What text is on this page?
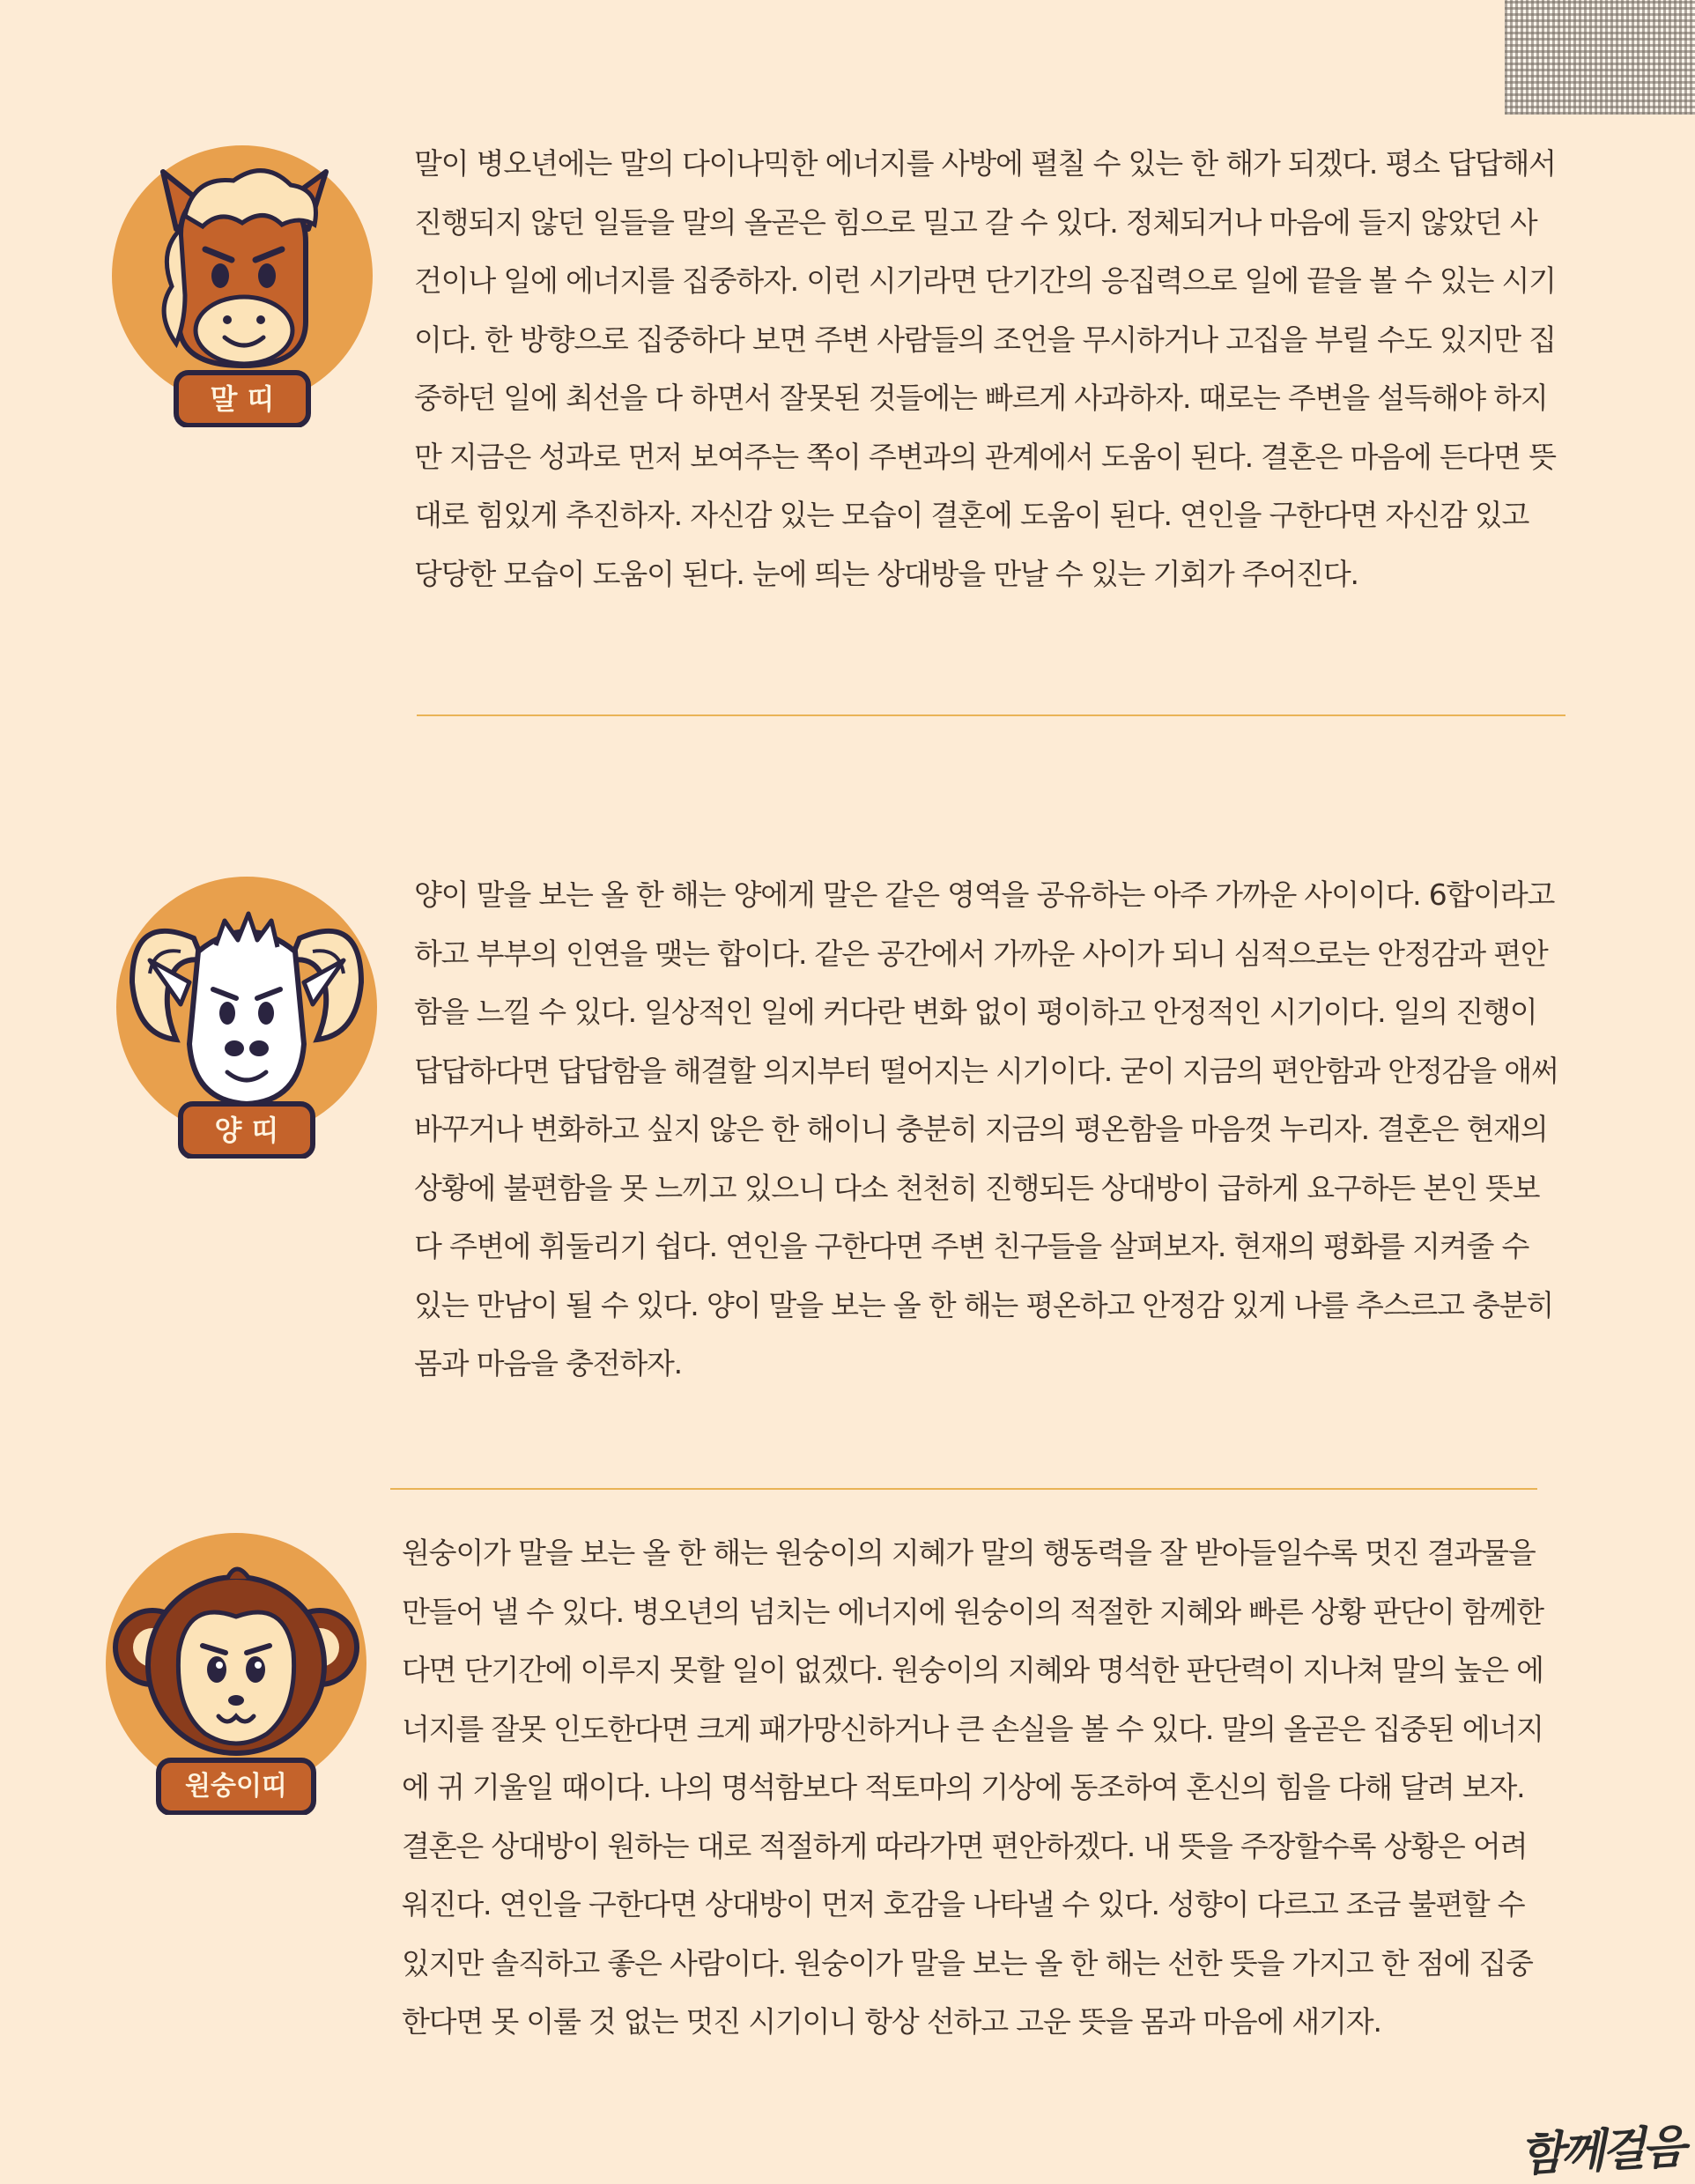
말 띠

말이 병오년에는 말의 다이나믹한 에너지를 사방에 펼칠 수 있는 한 해가 되겠다. 평소 답답해서 진행되지 않던 일들을 말의 올곧은 힘으로 밀고 갈 수 있다. 정체되거나 마음에 들지 않았던 사건이나 일에 에너지를 집중하자. 이런 시기라면 단기간의 응집력으로 일에 끝을 볼 수 있는 시기이다. 한 방향으로 집중하다 보면 주변 사람들의 조언을 무시하거나 고집을 부릴 수도 있지만 집중하던 일에 최선을 다 하면서 잘못된 것들에는 빠르게 사과하자. 때로는 주변을 설득해야 하지만 지금은 성과로 먼저 보여주는 쪽이 주변과의 관계에서 도움이 된다. 결혼은 마음에 든다면 뜻대로 힘있게 추진하자. 자신감 있는 모습이 결혼에 도움이 된다. 연인을 구한다면 자신감 있고 당당한 모습이 도움이 된다. 눈에 띄는 상대방을 만날 수 있는 기회가 주어진다.

양 띠

양이 말을 보는 올 한 해는 양에게 말은 같은 영역을 공유하는 아주 가까운 사이이다. 6합이라고 하고 부부의 인연을 맺는 합이다. 같은 공간에서 가까운 사이가 되니 심적으로는 안정감과 편안함을 느낄 수 있다. 일상적인 일에 커다란 변화 없이 평이하고 안정적인 시기이다. 일의 진행이 답답하다면 답답함을 해결할 의지부터 떨어지는 시기이다. 굳이 지금의 편안함과 안정감을 애써 바꾸거나 변화하고 싶지 않은 한 해이니 충분히 지금의 평온함을 마음껏 누리자. 결혼은 현재의 상황에 불편함을 못 느끼고 있으니 다소 천천히 진행되든 상대방이 급하게 요구하든 본인 뜻보다 주변에 휘둘리기 쉽다. 연인을 구한다면 주변 친구들을 살펴보자. 현재의 평화를 지켜줄 수 있는 만남이 될 수 있다. 양이 말을 보는 올 한 해는 평온하고 안정감 있게 나를 추스르고 충분히 몸과 마음을 충전하자.

원숭이띠

원숭이가 말을 보는 올 한 해는 원숭이의 지혜가 말의 행동력을 잘 받아들일수록 멋진 결과물을 만들어 낼 수 있다. 병오년의 넘치는 에너지에 원숭이의 적절한 지혜와 빠른 상황 판단이 함께한다면 단기간에 이루지 못할 일이 없겠다. 원숭이의 지혜와 명석한 판단력이 지나쳐 말의 높은 에너지를 잘못 인도한다면 크게 패가망신하거나 큰 손실을 볼 수 있다. 말의 올곧은 집중된 에너지에 귀 기울일 때이다. 나의 명석함보다 적토마의 기상에 동조하여 혼신의 힘을 다해 달려 보자. 결혼은 상대방이 원하는 대로 적절하게 따라가면 편안하겠다. 내 뜻을 주장할수록 상황은 어려워진다. 연인을 구한다면 상대방이 먼저 호감을 나타낼 수 있다. 성향이 다르고 조금 불편할 수 있지만 솔직하고 좋은 사람이다. 원숭이가 말을 보는 올 한 해는 선한 뜻을 가지고 한 점에 집중한다면 못 이룰 것 없는 멋진 시기이니 항상 선하고 고운 뜻을 몸과 마음에 새기자.

함께걸음
